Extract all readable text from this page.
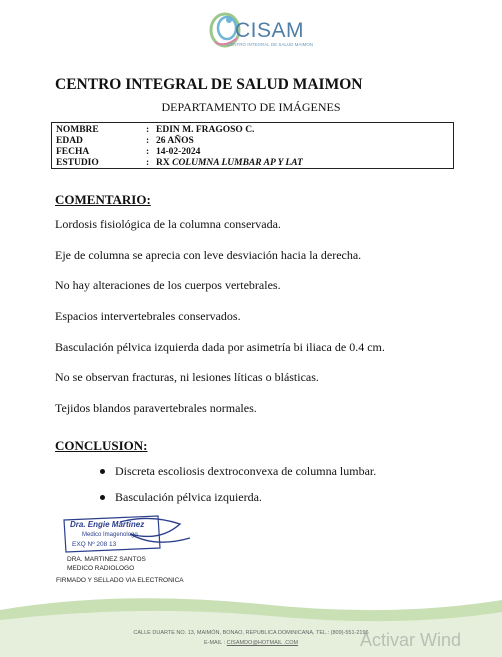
CISAM
CENTRO INTEGRAL DE SALUD MAIMON
CENTRO INTEGRAL DE SALUD MAIMON
DEPARTAMENTO DE IMÁGENES
NOMBRE	: EDIN M. FRAGOSO C.
EDAD	: 26 AÑOS
FECHA	: 14-02-2024
ESTUDIO	: RX COLUMNA LUMBAR AP Y LAT
COMENTARIO:
Lordosis fisiológica de la columna conservada.
Eje de columna se aprecia con leve desviación hacia la derecha.
No hay alteraciones de los cuerpos vertebrales.
Espacios intervertebrales conservados.
Basculación pélvica izquierda dada por asimetría bi iliaca de 0.4 cm.
No se observan fracturas, ni lesiones líticas o blásticas.
Tejidos blandos paravertebrales normales.
CONCLUSION:
Discreta escoliosis dextroconvexa de columna lumbar.
Basculación pélvica izquierda.
Dra. Engie Martinez
Medico Imagenologo
EXQ Nº 208 13
DRA. MARTINEZ SANTOS
MEDICO RADIOLOGO
FIRMADO Y SELLADO VIA ELECTRONICA
CALLE DUARTE NO. 13, MAIMÓN, BONAO, REPUBLICA DOMINICANA, TEL.: (809)-551-2196
E-MAIL : CISAMDO@HOTMAIL .COM	Activar Wind
